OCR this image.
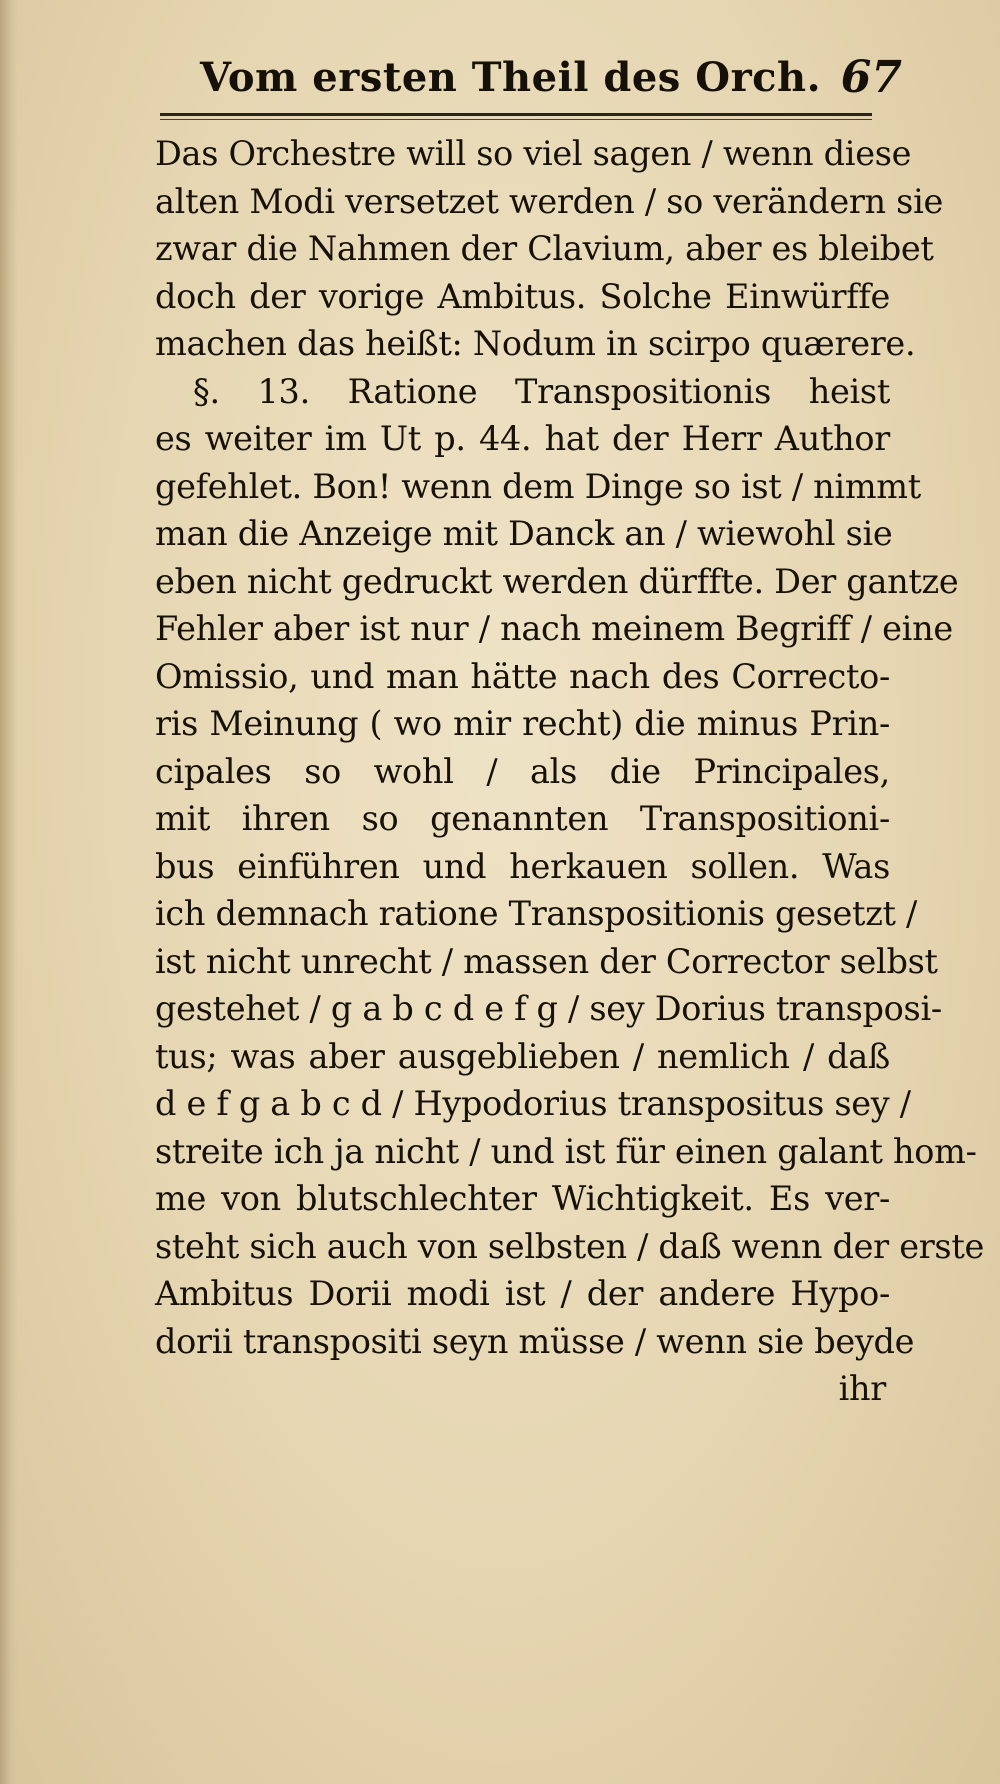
Vom ersten Theil des Orch. 67
Das Orchestre will so viel sagen / wenn diese
alten Modi versetzet werden / so verändern sie
zwar die Nahmen der Clavium, aber es bleibet
doch der vorige Ambitus. Solche Einwürffe
machen das heißt: Nodum in scirpo quærere.
§. 13. Ratione Transpositionis heist
es weiter im Ut p. 44. hat der Herr Author
gefehlet. Bon! wenn dem Dinge so ist / nimmt
man die Anzeige mit Danck an / wiewohl sie
eben nicht gedruckt werden dürffte. Der gantze
Fehler aber ist nur / nach meinem Begriff / eine
Omissio, und man hätte nach des Correcto-
ris Meinung ( wo mir recht) die minus Prin-
cipales so wohl / als die Principales,
mit ihren so genannten Transpositioni-
bus einführen und herkauen sollen. Was
ich demnach ratione Transpositionis gesetzt /
ist nicht unrecht / massen der Corrector selbst
gestehet / g a b c d e f g / sey Dorius transposi-
tus; was aber ausgeblieben / nemlich / daß
d e f g a b c d / Hypodorius transpositus sey /
streite ich ja nicht / und ist für einen galant hom-
me von blutschlechter Wichtigkeit. Es ver-
steht sich auch von selbsten / daß wenn der erste
Ambitus Dorii modi ist / der andere Hypo-
dorii transpositi seyn müsse / wenn sie beyde
ihr
